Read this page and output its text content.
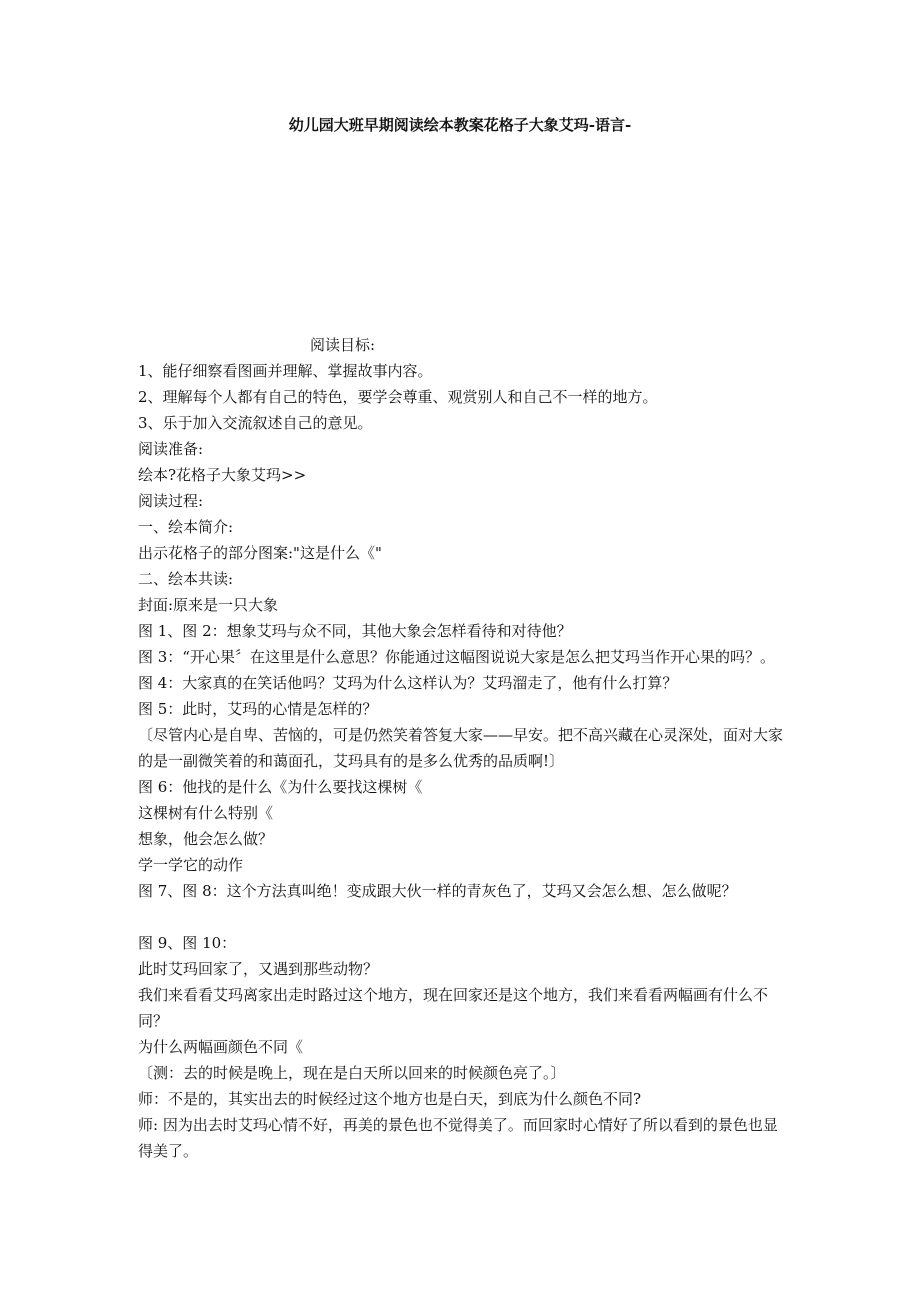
幼儿园大班早期阅读绘本教案花格子大象艾玛-语言-

阅读目标:

1、能仔细察看图画并理解、掌握故事内容。

2、理解每个人都有自己的特色，要学会尊重、观赏别人和自己不一样的地方。

3、乐于加入交流叙述自己的意见。

阅读准备:

绘本?花格子大象艾玛>>

阅读过程:

一、绘本简介:

出示花格子的部分图案:"这是什么《"

二、绘本共读:

封面:原来是一只大象

图 1、图 2：想象艾玛与众不同，其他大象会怎样看待和对待他？

图 3：“开心果〞在这里是什么意思？你能通过这幅图说说大家是怎么把艾玛当作开心果的吗？。

图 4：大家真的在笑话他吗？艾玛为什么这样认为？艾玛溜走了，他有什么打算？

图 5：此时，艾玛的心情是怎样的？

〔尽管内心是自卑、苦恼的，可是仍然笑着答复大家——早安。把不高兴藏在心灵深处，面对大家的是一副微笑着的和蔼面孔，艾玛具有的是多么优秀的品质啊!〕

图 6：他找的是什么《为什么要找这棵树《

这棵树有什么特别《

想象，他会怎么做？

学一学它的动作

图 7、图 8：这个方法真叫绝！变成跟大伙一样的青灰色了，艾玛又会怎么想、怎么做呢？

图 9、图 10：

此时艾玛回家了，又遇到那些动物？

我们来看看艾玛离家出走时路过这个地方，现在回家还是这个地方，我们来看看两幅画有什么不同？

为什么两幅画颜色不同《

〔测：去的时候是晚上，现在是白天所以回来的时候颜色亮了。〕

师：不是的，其实出去的时候经过这个地方也是白天，到底为什么颜色不同?

师: 因为出去时艾玛心情不好，再美的景色也不觉得美了。而回家时心情好了所以看到的景色也显得美了。
